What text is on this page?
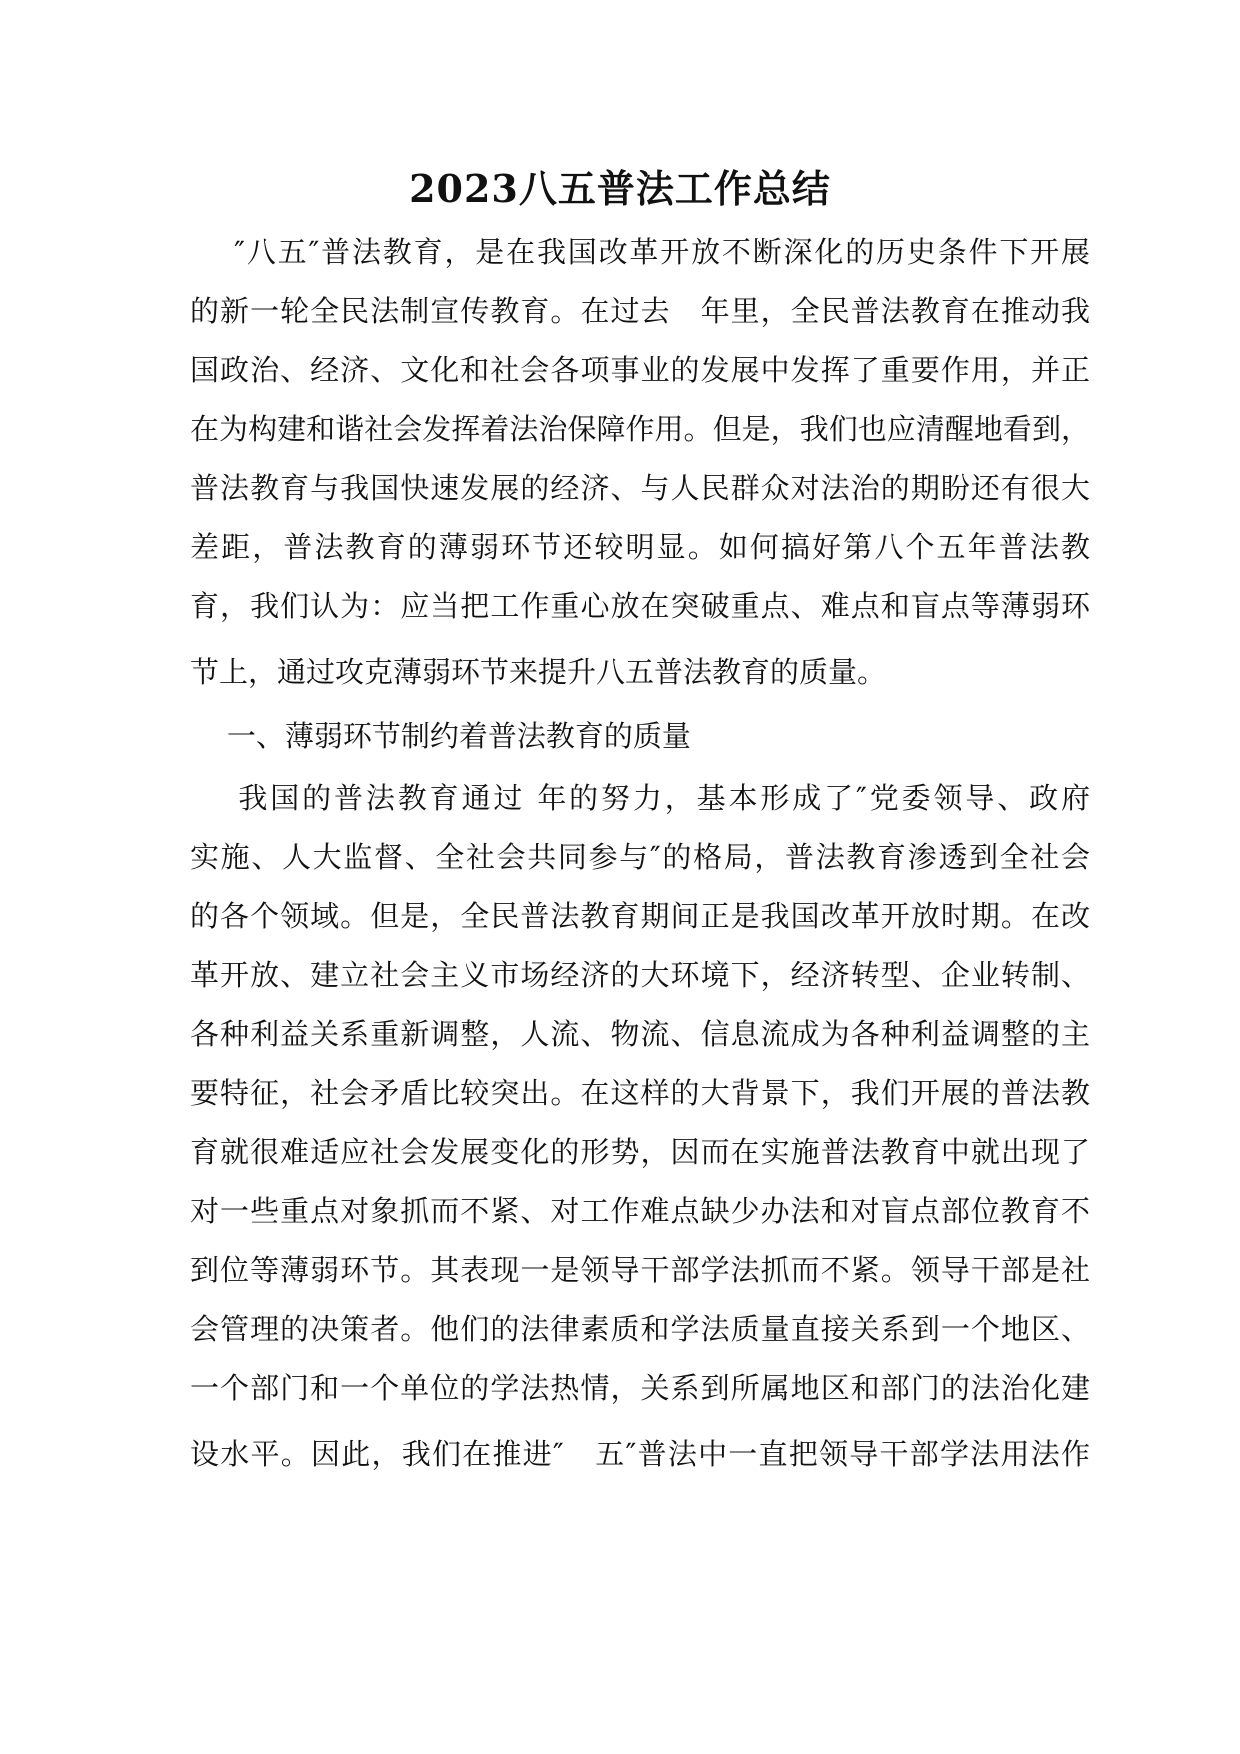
2023八五普法工作总结
″八五″普法教育，是在我国改革开放不断深化的历史条件下开展
的新一轮全民法制宣传教育。在过去　年里，全民普法教育在推动我
国政治、经济、文化和社会各项事业的发展中发挥了重要作用，并正
在为构建和谐社会发挥着法治保障作用。但是，我们也应清醒地看到，
普法教育与我国快速发展的经济、与人民群众对法治的期盼还有很大
差距，普法教育的薄弱环节还较明显。如何搞好第八个五年普法教
育，我们认为：应当把工作重心放在突破重点、难点和盲点等薄弱环
节上，通过攻克薄弱环节来提升八五普法教育的质量。
一、薄弱环节制约着普法教育的质量
我国的普法教育通过 年的努力，基本形成了″党委领导、政府
实施、人大监督、全社会共同参与″的格局，普法教育渗透到全社会
的各个领域。但是，全民普法教育期间正是我国改革开放时期。在改
革开放、建立社会主义市场经济的大环境下，经济转型、企业转制、
各种利益关系重新调整，人流、物流、信息流成为各种利益调整的主
要特征，社会矛盾比较突出。在这样的大背景下，我们开展的普法教
育就很难适应社会发展变化的形势，因而在实施普法教育中就出现了
对一些重点对象抓而不紧、对工作难点缺少办法和对盲点部位教育不
到位等薄弱环节。其表现一是领导干部学法抓而不紧。领导干部是社
会管理的决策者。他们的法律素质和学法质量直接关系到一个地区、
一个部门和一个单位的学法热情，关系到所属地区和部门的法治化建
设水平。因此，我们在推进″　五″普法中一直把领导干部学法用法作
